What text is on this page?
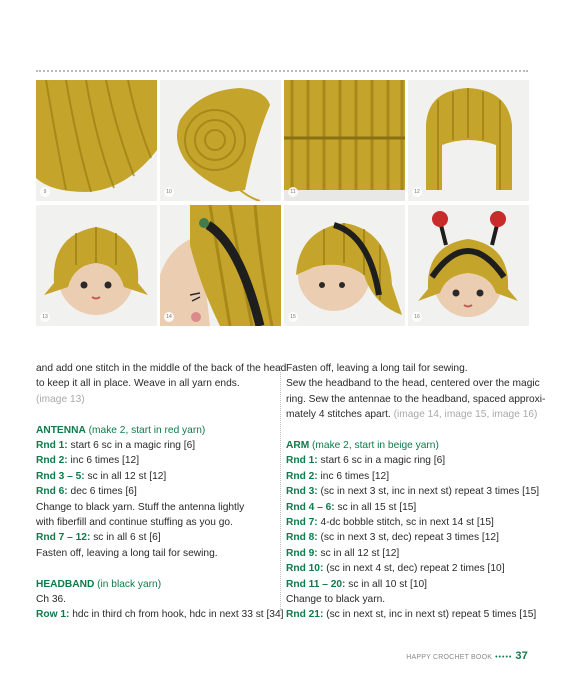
9	10	11	12
13	14	15	16

and add one stitch in the middle of the back of the head

to keep it all in place. Weave in all yarn ends.

(image 13)

ANTENNA (make 2, start in red yarn)

Rnd 1: start 6 sc in a magic ring [6]

Rnd 2: inc 6 times [12]

Rnd 3 – 5: sc in all 12 st [12]

Rnd 6: dec 6 times [6]

Change to black yarn. Stuff the antenna lightly

with fiberfill and continue stuffing as you go.

Rnd 7 – 12: sc in all 6 st [6]

Fasten off, leaving a long tail for sewing.

HEADBAND (in black yarn)

Ch 36.

Row 1: hdc in third ch from hook, hdc in next 33 st [34]

Fasten off, leaving a long tail for sewing.

Sew the headband to the head, centered over the magic

ring. Sew the antennae to the headband, spaced approxi-

mately 4 stitches apart. (image 14, image 15, image 16)

ARM (make 2, start in beige yarn)

Rnd 1: start 6 sc in a magic ring [6]

Rnd 2: inc 6 times [12]

Rnd 3: (sc in next 3 st, inc in next st) repeat 3 times [15]

Rnd 4 – 6: sc in all 15 st [15]

Rnd 7: 4-dc bobble stitch, sc in next 14 st [15]

Rnd 8: (sc in next 3 st, dec) repeat 3 times [12]

Rnd 9: sc in all 12 st [12]

Rnd 10: (sc in next 4 st, dec) repeat 2 times [10]

Rnd 11 – 20: sc in all 10 st [10]

Change to black yarn.

Rnd 21: (sc in next st, inc in next st) repeat 5 times [15]

HAPPY CROCHET BOOK ••••• 37
